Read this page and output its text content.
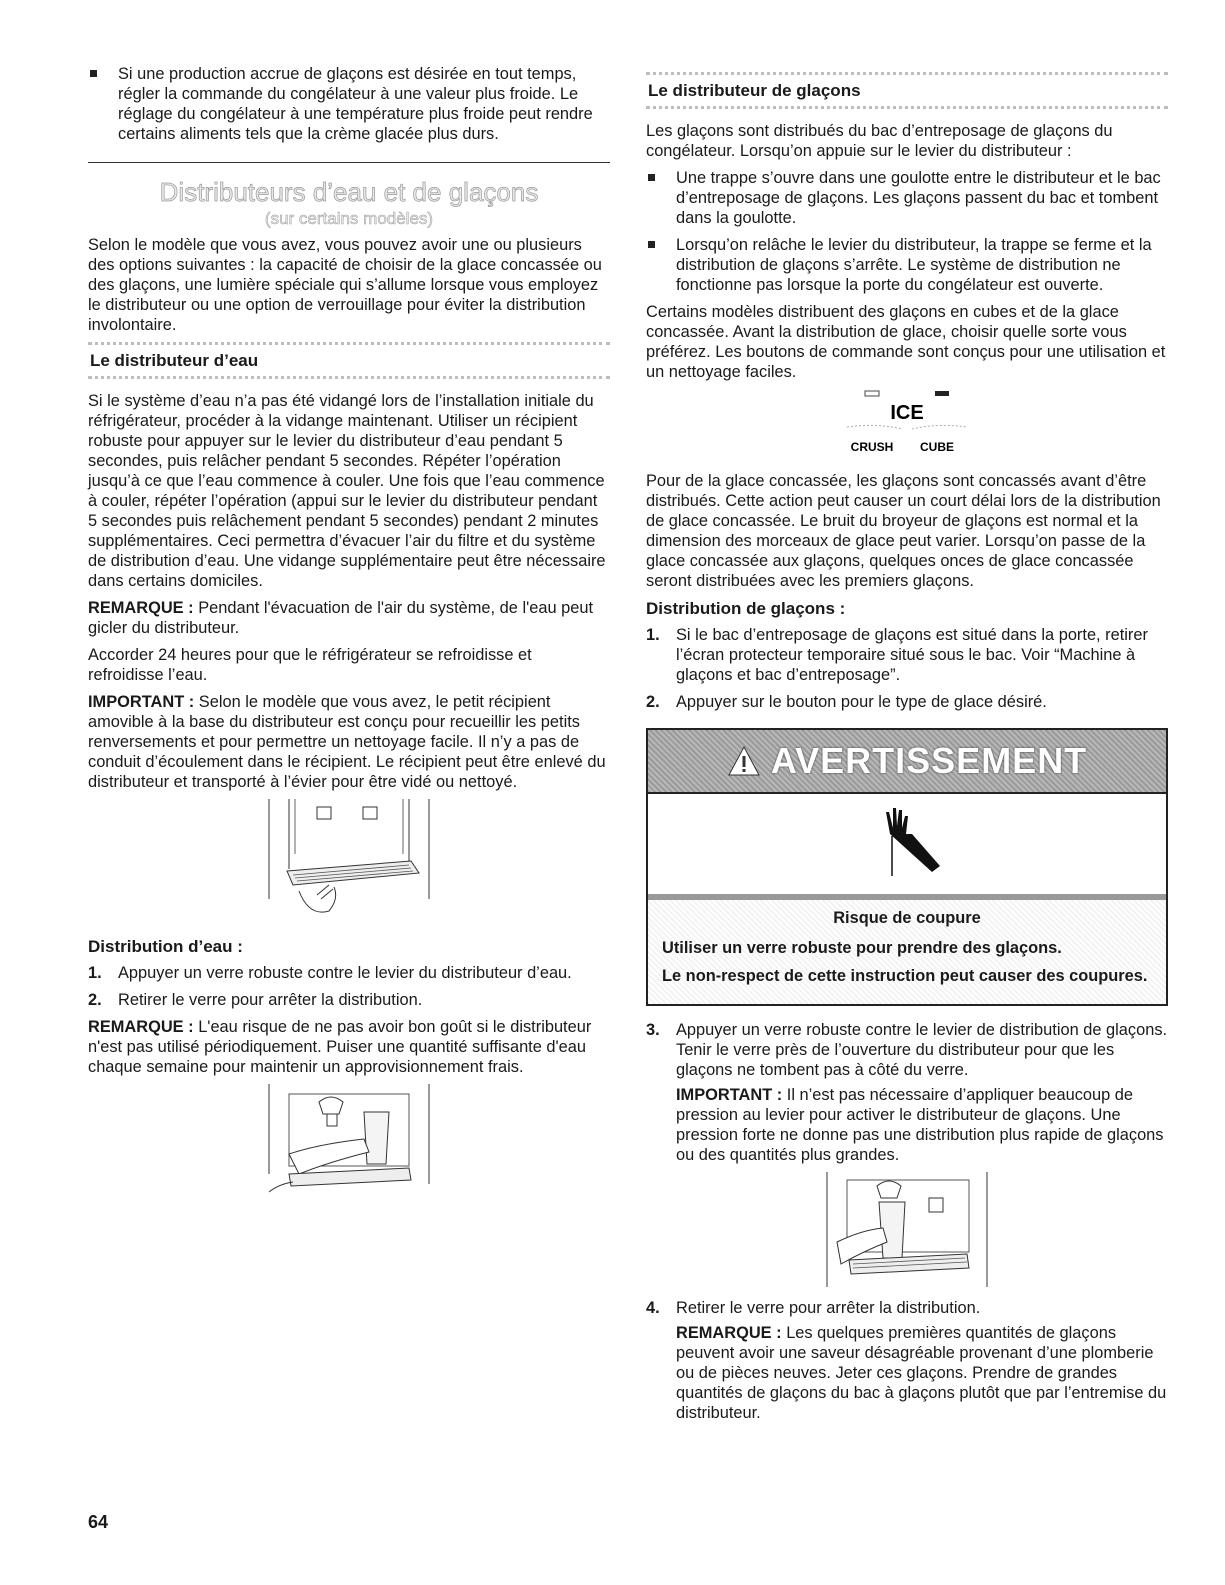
Si une production accrue de glaçons est désirée en tout temps, régler la commande du congélateur à une valeur plus froide. Le réglage du congélateur à une température plus froide peut rendre certains aliments tels que la crème glacée plus durs.
Distributeurs d’eau et de glaçons
(sur certains modèles)

Selon le modèle que vous avez, vous pouvez avoir une ou plusieurs des options suivantes : la capacité de choisir de la glace concassée ou des glaçons, une lumière spéciale qui s’allume lorsque vous employez le distributeur ou une option de verrouillage pour éviter la distribution involontaire.

Le distributeur d’eau

Si le système d’eau n’a pas été vidangé lors de l’installation initiale du réfrigérateur, procéder à la vidange maintenant. Utiliser un récipient robuste pour appuyer sur le levier du distributeur d’eau pendant 5 secondes, puis relâcher pendant 5 secondes. Répéter l’opération jusqu’à ce que l’eau commence à couler. Une fois que l’eau commence à couler, répéter l’opération (appui sur le levier du distributeur pendant 5 secondes puis relâchement pendant 5 secondes) pendant 2 minutes supplémentaires. Ceci permettra d’évacuer l’air du filtre et du système de distribution d’eau. Une vidange supplémentaire peut être nécessaire dans certains domiciles.

REMARQUE : Pendant l'évacuation de l'air du système, de l'eau peut gicler du distributeur.

Accorder 24 heures pour que le réfrigérateur se refroidisse et refroidisse l’eau.

IMPORTANT : Selon le modèle que vous avez, le petit récipient amovible à la base du distributeur est conçu pour recueillir les petits renversements et pour permettre un nettoyage facile. Il n’y a pas de conduit d’écoulement dans le récipient. Le récipient peut être enlevé du distributeur et transporté à l’évier pour être vidé ou nettoyé.

Distribution d’eau :
1. Appuyer un verre robuste contre le levier du distributeur d’eau.
2. Retirer le verre pour arrêter la distribution.

REMARQUE : L'eau risque de ne pas avoir bon goût si le distributeur n'est pas utilisé périodiquement. Puiser une quantité suffisante d'eau chaque semaine pour maintenir un approvisionnement frais.

Le distributeur de glaçons

Les glaçons sont distribués du bac d’entreposage de glaçons du congélateur. Lorsqu’on appuie sur le levier du distributeur :

Une trappe s’ouvre dans une goulotte entre le distributeur et le bac d’entreposage de glaçons. Les glaçons passent du bac et tombent dans la goulotte.
Lorsqu’on relâche le levier du distributeur, la trappe se ferme et la distribution de glaçons s’arrête. Le système de distribution ne fonctionne pas lorsque la porte du congélateur est ouverte.

Certains modèles distribuent des glaçons en cubes et de la glace concassée. Avant la distribution de glace, choisir quelle sorte vous préférez. Les boutons de commande sont conçus pour une utilisation et un nettoyage faciles.

ICE
CRUSH CUBE

Pour de la glace concassée, les glaçons sont concassés avant d’être distribués. Cette action peut causer un court délai lors de la distribution de glace concassée. Le bruit du broyeur de glaçons est normal et la dimension des morceaux de glace peut varier. Lorsqu’on passe de la glace concassée aux glaçons, quelques onces de glace concassée seront distribuées avec les premiers glaçons.

Distribution de glaçons :
1. Si le bac d’entreposage de glaçons est situé dans la porte, retirer l’écran protecteur temporaire situé sous le bac. Voir “Machine à glaçons et bac d’entreposage”.
2. Appuyer sur le bouton pour le type de glace désiré.
AVERTISSEMENT
Risque de coupure
Utiliser un verre robuste pour prendre des glaçons.
Le non-respect de cette instruction peut causer des coupures.
3. Appuyer un verre robuste contre le levier de distribution de glaçons. Tenir le verre près de l’ouverture du distributeur pour que les glaçons ne tombent pas à côté du verre.

IMPORTANT : Il n’est pas nécessaire d’appliquer beaucoup de pression au levier pour activer le distributeur de glaçons. Une pression forte ne donne pas une distribution plus rapide de glaçons ou des quantités plus grandes.

4. Retirer le verre pour arrêter la distribution.

REMARQUE : Les quelques premières quantités de glaçons peuvent avoir une saveur désagréable provenant d’une plomberie ou de pièces neuves. Jeter ces glaçons. Prendre de grandes quantités de glaçons du bac à glaçons plutôt que par l’entremise du distributeur.

64
